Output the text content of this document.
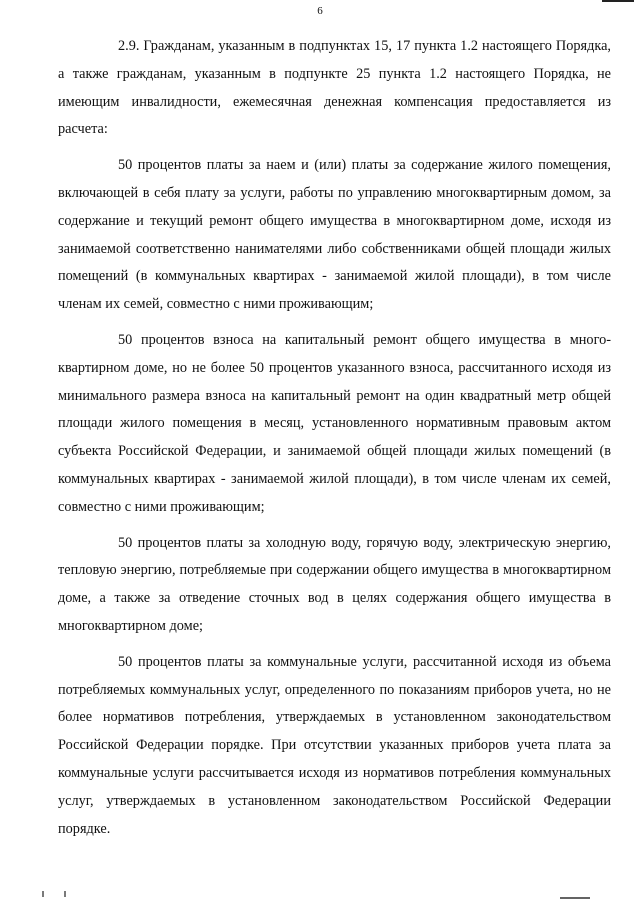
6

2.9. Гражданам, указанным в подпунктах 15, 17 пункта 1.2 настоящего Порядка, а также гражданам, указанным в подпункте 25 пункта 1.2 настоящего Порядка, не имеющим инвалидности, ежемесячная денежная компенсация предоставляется из расчета:

50 процентов платы за наем и (или) платы за содержание жилого помещения, включающей в себя плату за услуги, работы по управлению многоквартирным домом, за содержание и текущий ремонт общего имущества в многоквартирном доме, исходя из занимаемой соответственно нанимателями либо собственниками общей площади жилых помещений (в коммунальных квартирах - занимаемой жилой площади), в том числе членам их семей, совместно с ними проживающим;

50 процентов взноса на капитальный ремонт общего имущества в многоквартирном доме, но не более 50 процентов указанного взноса, рассчитанного исходя из минимального размера взноса на капитальный ремонт на один квадратный метр общей площади жилого помещения в месяц, установленного нормативным правовым актом субъекта Российской Федерации, и занимаемой общей площади жилых помещений (в коммунальных квартирах - занимаемой жилой площади), в том числе членам их семей, совместно с ними проживающим;

50 процентов платы за холодную воду, горячую воду, электрическую энергию, тепловую энергию, потребляемые при содержании общего имущества в многоквартирном доме, а также за отведение сточных вод в целях содержания общего имущества в многоквартирном доме;

50 процентов платы за коммунальные услуги, рассчитанной исходя из объема потребляемых коммунальных услуг, определенного по показаниям приборов учета, но не более нормативов потребления, утверждаемых в установленном законодательством Российской Федерации порядке. При отсутствии указанных приборов учета плата за коммунальные услуги рассчитывается исходя из нормативов потребления коммунальных услуг, утверждаемых в установленном законодательством Российской Федерации порядке.
